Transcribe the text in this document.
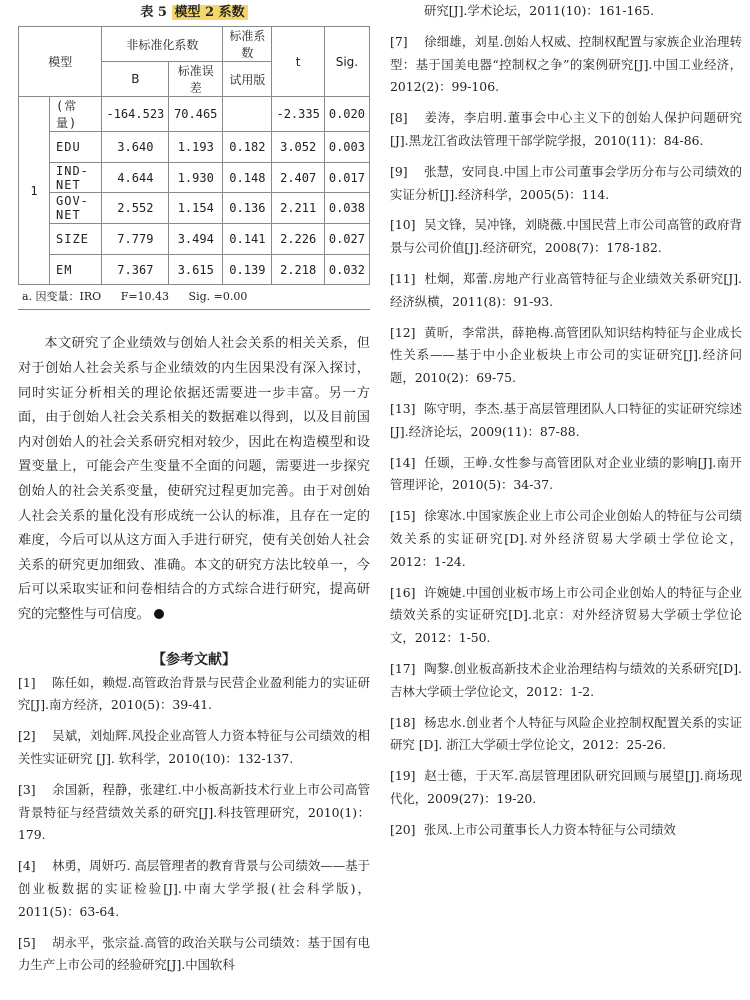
表 5 模型 2 系数
模型		非标准化系数		标准系数	t	Sig.
		B	标准误差	试用版		
1	(常量)	-164.523	70.465		-2.335	0.020
	EDU	3.640	1.193	0.182	3.052	0.003
	IND-NET	4.644	1.930	0.148	2.407	0.017
	GOV-NET	2.552	1.154	0.136	2.211	0.038
	SIZE	7.779	3.494	0.141	2.226	0.027
	EM	7.367	3.615	0.139	2.218	0.032
a. 因变量：IRO F=10.43 Sig. =0.00
本文研究了企业绩效与创始人社会关系的相关关系，但对于创始人社会关系与企业绩效的内生因果没有深入探讨，同时实证分析相关的理论依据还需要进一步丰富。另一方面，由于创始人社会关系相关的数据难以得到，以及目前国内对创始人的社会关系研究相对较少，因此在构造模型和设置变量上，可能会产生变量不全面的问题，需要进一步探究创始人的社会关系变量，使研究过程更加完善。由于对创始人社会关系的量化没有形成统一公认的标准，且存在一定的难度，今后可以从这方面入手进行研究，使有关创始人社会关系的研究更加细致、准确。本文的研究方法比较单一，今后可以采取实证和问卷相结合的方式综合进行研究，提高研究的完整性与可信度。
【参考文献】
[1] 陈任如，赖煜.高管政治背景与民营企业盈利能力的实证研究[J].南方经济，2010(5)：39-41.
[2] 吴斌，刘灿辉.风投企业高管人力资本特征与公司绩效的相关性实证研究 [J]. 软科学，2010(10)：132-137.
[3] 余国新，程静，张建红.中小板高新技术行业上市公司高管背景特征与经营绩效关系的研究[J].科技管理研究，2010(1)：179.
[4] 林勇，周妍巧. 高层管理者的教育背景与公司绩效——基于创业板数据的实证检验[J].中南大学学报(社会科学版)，2011(5)：63-64.
[5] 胡永平，张宗益.高管的政治关联与公司绩效：基于国有电力生产上市公司的经验研究[J].中国软科
研究[J].学术论坛，2011(10)：161-165.
[7] 徐细雄，刘星.创始人权威、控制权配置与家族企业治理转型：基于国美电器“控制权之争”的案例研究[J].中国工业经济，2012(2)：99-106.
[8] 姜涛，李启明.董事会中心主义下的创始人保护问题研究[J].黑龙江省政法管理干部学院学报，2010(11)：84-86.
[9] 张慧，安同良.中国上市公司董事会学历分布与公司绩效的实证分析[J].经济科学，2005(5)：114.
[10] 吴文锋，吴冲锋，刘晓薇.中国民营上市公司高管的政府背景与公司价值[J].经济研究，2008(7)：178-182.
[11] 杜炯，郑蕾.房地产行业高管特征与企业绩效关系研究[J].经济纵横，2011(8)：91-93.
[12] 黄昕，李常洪，薛艳梅.高管团队知识结构特征与企业成长性关系——基于中小企业板块上市公司的实证研究[J].经济问题，2010(2)：69-75.
[13] 陈守明，李杰.基于高层管理团队人口特征的实证研究综述[J].经济论坛，2009(11)：87-88.
[14] 任颋，王峥.女性参与高管团队对企业业绩的影响[J].南开管理评论，2010(5)：34-37.
[15] 徐寒冰.中国家族企业上市公司企业创始人的特征与公司绩效关系的实证研究[D].对外经济贸易大学硕士学位论文，2012：1-24.
[16] 许婉婕.中国创业板市场上市公司企业创始人的特征与企业绩效关系的实证研究[D].北京：对外经济贸易大学硕士学位论文，2012：1-50.
[17] 陶黎.创业板高新技术企业治理结构与绩效的关系研究[D].吉林大学硕士学位论文，2012：1-2.
[18] 杨忠水.创业者个人特征与风险企业控制权配置关系的实证研究 [D]. 浙江大学硕士学位论文，2012：25-26.
[19] 赵士德，于天军.高层管理团队研究回顾与展望[J].商场现代化，2009(27)：19-20.
[20] 张凤.上市公司董事长人力资本特征与公司绩效
